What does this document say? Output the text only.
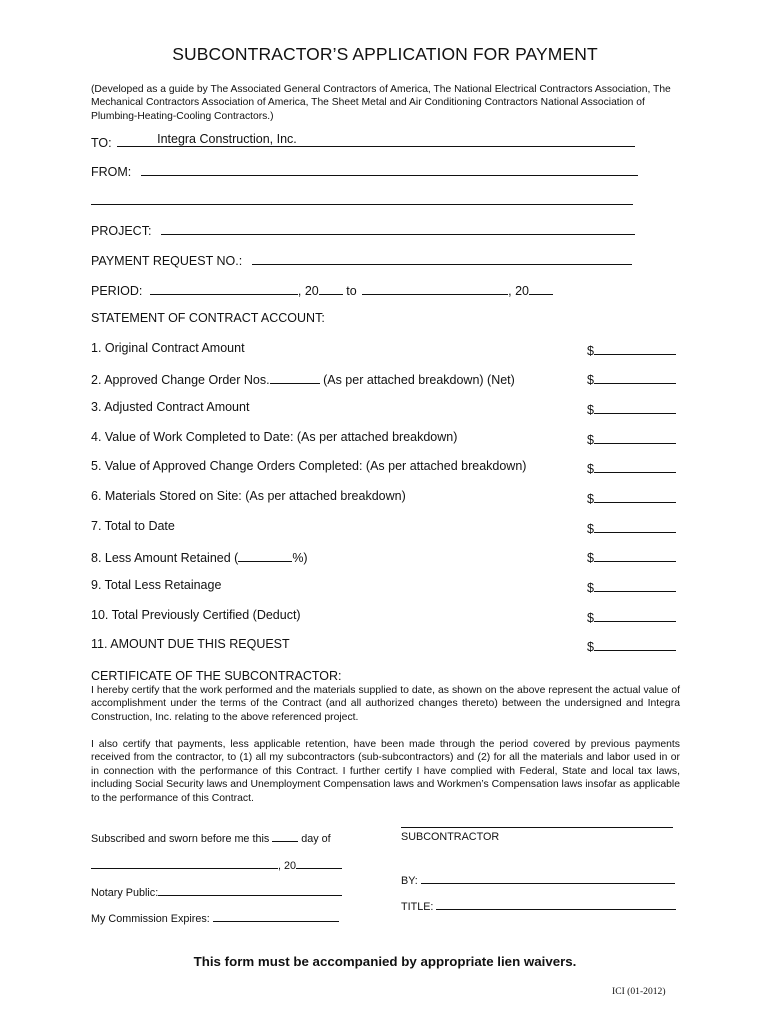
SUBCONTRACTOR’S APPLICATION FOR PAYMENT
(Developed as a guide by The Associated General Contractors of America, The National Electrical Contractors Association, The Mechanical Contractors Association of America, The Sheet Metal and Air Conditioning Contractors National Association of Plumbing-Heating-Cooling Contractors.)
TO:	Integra Construction, Inc.
FROM:
PROJECT:
PAYMENT REQUEST NO.:
PERIOD:	, 20 to	, 20
STATEMENT OF CONTRACT ACCOUNT:
1. Original Contract Amount	$
2. Approved Change Order Nos.	(As per attached breakdown) (Net)	$
3. Adjusted Contract Amount	$
4. Value of Work Completed to Date: (As per attached breakdown)	$
5. Value of Approved Change Orders Completed: (As per attached breakdown)	$
6. Materials Stored on Site: (As per attached breakdown)	$
7. Total to Date	$
8. Less Amount Retained (	%)	$
9. Total Less Retainage	$
10. Total Previously Certified (Deduct)	$
11. AMOUNT DUE THIS REQUEST	$
CERTIFICATE OF THE SUBCONTRACTOR:
I hereby certify that the work performed and the materials supplied to date, as shown on the above represent the actual value of accomplishment under the terms of the Contract (and all authorized changes thereto) between the undersigned and Integra Construction, Inc. relating to the above referenced project.
I also certify that payments, less applicable retention, have been made through the period covered by previous payments received from the contractor, to (1) all my subcontractors (sub-subcontractors) and (2) for all the materials and labor used in or in connection with the performance of this Contract. I further certify I have complied with Federal, State and local tax laws, including Social Security laws and Unemployment Compensation laws and Workmen’s Compensation laws insofar as applicable to the performance of this Contract.
Subscribed and sworn before me this	day of
, 20
Notary Public:
My Commission Expires:
SUBCONTRACTOR
BY:
TITLE:
This form must be accompanied by appropriate lien waivers.
ICI (01-2012)
